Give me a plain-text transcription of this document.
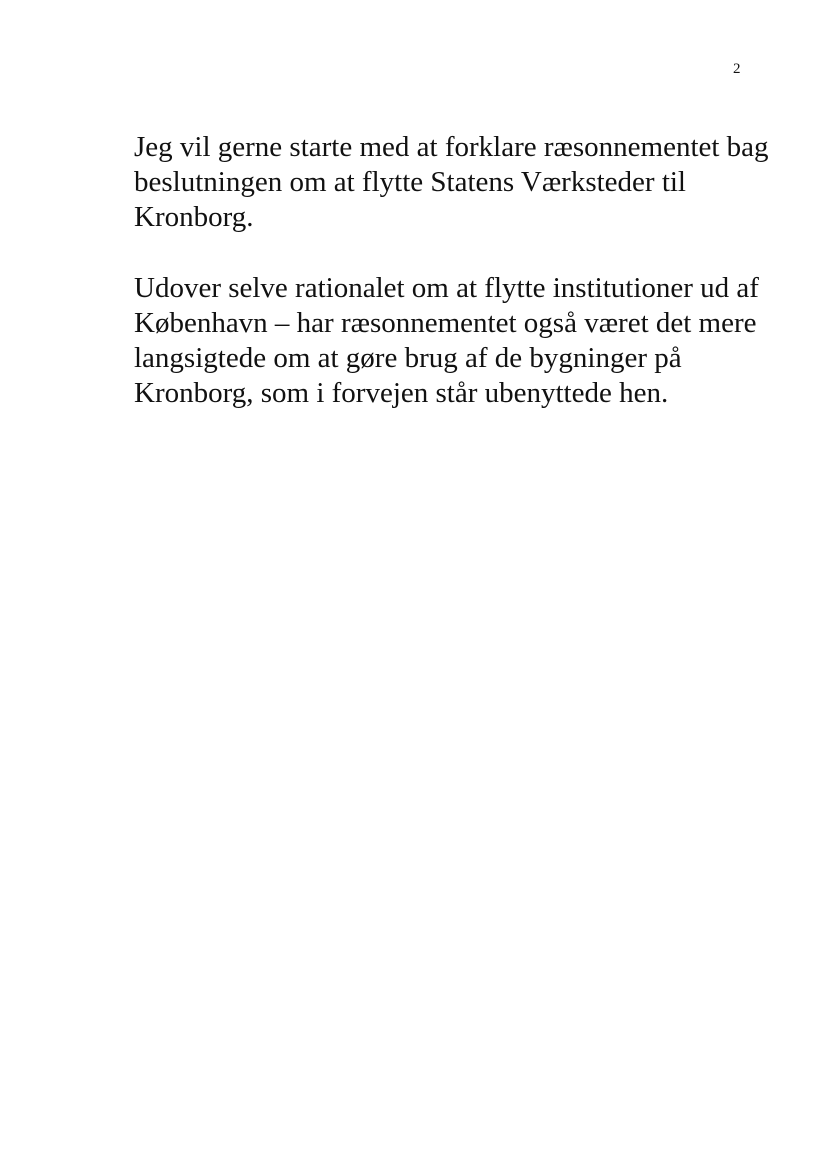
2

Jeg vil gerne starte med at forklare ræsonnementet bag
beslutningen om at flytte Statens Værksteder til
Kronborg.

Udover selve rationalet om at flytte institutioner ud af
København – har ræsonnementet også været det mere
langsigtede om at gøre brug af de bygninger på
Kronborg, som i forvejen står ubenyttede hen.
